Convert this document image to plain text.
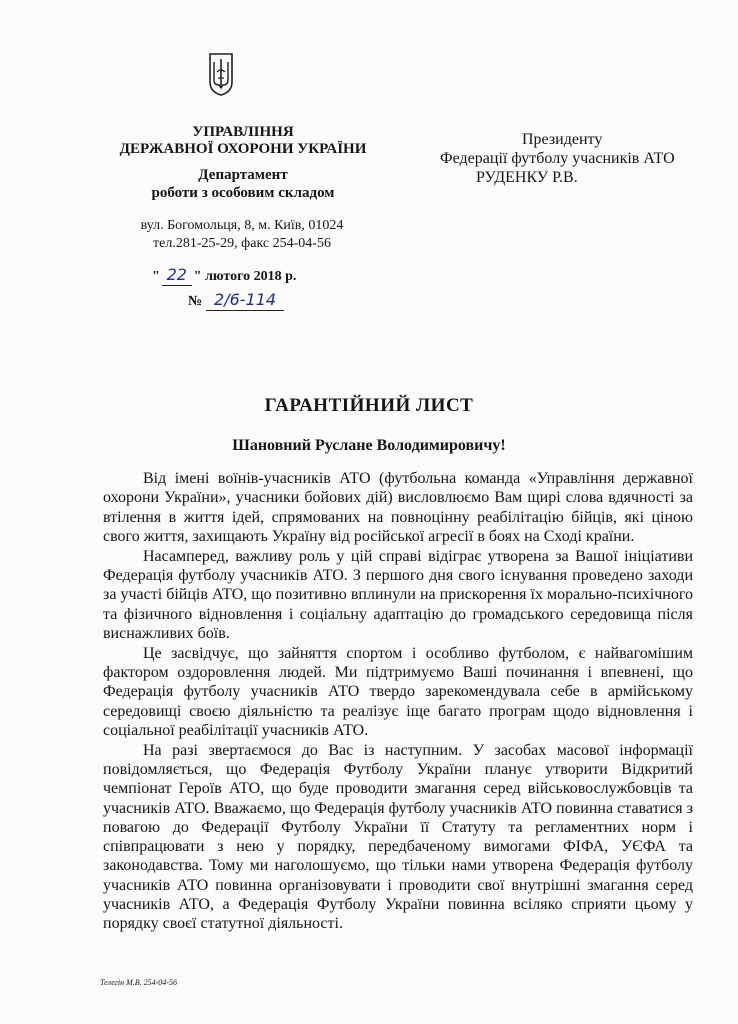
УПРАВЛІННЯ
ДЕРЖАВНОЇ ОХОРОНИ УКРАЇНИ
Департамент
роботи з особовим складом
вул. Богомольця, 8, м. Київ, 01024
тел.281-25-29, факс 254-04-56
" 22 " лютого 2018 р.
№ 2/6-114
Президенту
Федерації футболу учасників АТО
РУДЕНКУ Р.В.
ГАРАНТІЙНИЙ ЛИСТ
Шановний Руслане Володимировичу!

Від імені воїнів-учасників АТО (футбольна команда «Управління державної охорони України», учасники бойових дій) висловлюємо Вам щирі слова вдячності за втілення в життя ідей, спрямованих на повноцінну реабілітацію бійців, які ціною свого життя, захищають Україну від російської агресії в боях на Сході країни.

Насамперед, важливу роль у цій справі відіграє утворена за Вашої ініціативи Федерація футболу учасників АТО. З першого дня свого існування проведено заходи за участі бійців АТО, що позитивно вплинули на прискорення їх морально-психічного та фізичного відновлення і соціальну адаптацію до громадського середовища після виснажливих боїв.

Це засвідчує, що зайняття спортом і особливо футболом, є найвагомішим фактором оздоровлення людей. Ми підтримуємо Ваші починання і впевнені, що Федерація футболу учасників АТО твердо зарекомендувала себе в армійському середовищі своєю діяльністю та реалізує іще багато програм щодо відновлення і соціальної реабілітації учасників АТО.

На разі звертаємося до Вас із наступним. У засобах масової інформації повідомляється, що Федерація Футболу України планує утворити Відкритий чемпіонат Героїв АТО, що буде проводити змагання серед військовослужбовців та учасників АТО. Вважаємо, що Федерація футболу учасників АТО повинна ставатися з повагою до Федерації Футболу України її Статуту та регламентних норм і співпрацювати з нею у порядку, передбаченому вимогами ФІФА, УЄФА та законодавства. Тому ми наголошуємо, що тільки нами утворена Федерація футболу учасників АТО повинна організовувати і проводити свої внутрішні змагання серед учасників АТО, а Федерація Футболу України повинна всіляко сприяти цьому у порядку своєї статутної діяльності.

Телегін М.В. 254-04-56
